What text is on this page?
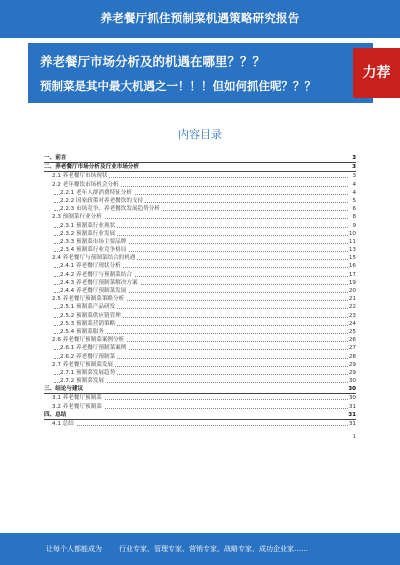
养老餐厅抓住预制菜机遇策略研究报告
养老餐厅市场分析及的机遇在哪里？？？
预制菜是其中最大机遇之一！！！但如何抓住呢？？？
力荐
内容目录
一、前言	3
二、养老餐厅市场分析及行业市场分析	3
2.1 养老餐厅市场现状	3
2.2 老年餐饮市场机会分析	4
2.2.1 老年人群消费特征分析	4
2.2.2 国家政策对养老餐饮的支持	5
2.2.3 市场竞争、养老餐饮发展趋势分析	6
2.3 预制菜行业分析	8
2.3.1 预制菜行业现状	9
2.3.2 预制菜行业发展	10
2.3.3 预制菜市场主要品牌	11
2.3.4 预制菜行业竞争格局	13
2.4 养老餐厅与预制菜结合的机遇	15
2.4.1 养老餐厅现状分析	16
2.4.2 养老餐厅与预制菜结合	17
2.4.3 养老餐厅预制菜解决方案	19
2.4.4 养老餐厅预制菜发展	20
2.5 养老餐厅预制菜策略分析	21
2.5.1 预制菜产品研发	22
2.5.2 预制菜供应链管理	23
2.5.3 预制菜营销策略	24
2.5.4 预制菜服务	25
2.6 养老餐厅预制菜案例分析	26
2.6.1 养老餐厅预制菜案例	27
2.6.2 养老餐厅预制菜	28
2.7 养老餐厅预制菜发展	29
2.7.1 预制菜发展趋势	29
2.7.2 预制菜发展	30
三、结论与建议	30
3.1 养老餐厅预制菜	30
3.2 养老餐厅预制菜	31
四、总结	31
4.1 总结	31
1
让每个人都能成为 行业专家、管理专家、营销专家、战略专家、成功企业家……
